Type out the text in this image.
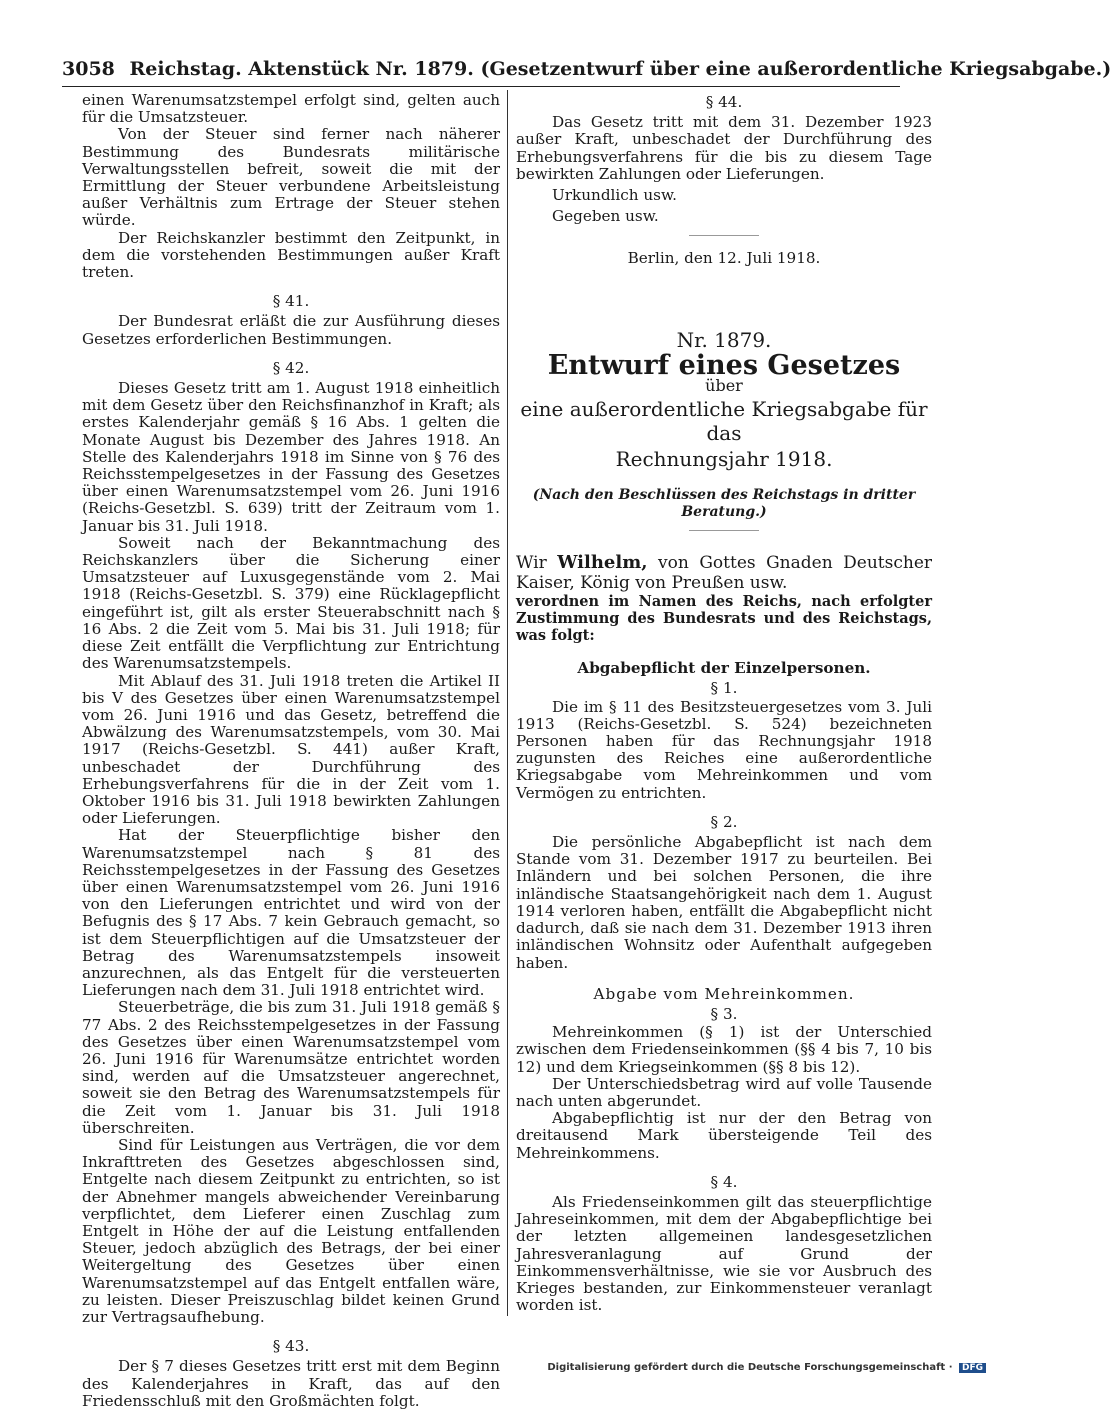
3058 Reichstag. Aktenstück Nr. 1879. (Gesetzentwurf über eine außerordentliche Kriegsabgabe.)

einen Warenumsatzstempel erfolgt sind, gelten auch für die Umsatzsteuer.

Von der Steuer sind ferner nach näherer Bestimmung des Bundesrats militärische Verwaltungsstellen befreit, soweit die mit der Ermittlung der Steuer verbundene Arbeitsleistung außer Verhältnis zum Ertrage der Steuer stehen würde.

Der Reichskanzler bestimmt den Zeitpunkt, in dem die vorstehenden Bestimmungen außer Kraft treten.

§ 41.

Der Bundesrat erläßt die zur Ausführung dieses Gesetzes erforderlichen Bestimmungen.

§ 42.

Dieses Gesetz tritt am 1. August 1918 einheitlich mit dem Gesetz über den Reichsfinanzhof in Kraft; als erstes Kalenderjahr gemäß § 16 Abs. 1 gelten die Monate August bis Dezember des Jahres 1918. An Stelle des Kalenderjahrs 1918 im Sinne von § 76 des Reichsstempelgesetzes in der Fassung des Gesetzes über einen Warenumsatzstempel vom 26. Juni 1916 (Reichs-Gesetzbl. S. 639) tritt der Zeitraum vom 1. Januar bis 31. Juli 1918.

Soweit nach der Bekanntmachung des Reichskanzlers über die Sicherung einer Umsatzsteuer auf Luxusgegenstände vom 2. Mai 1918 (Reichs-Gesetzbl. S. 379) eine Rücklagepflicht eingeführt ist, gilt als erster Steuerabschnitt nach § 16 Abs. 2 die Zeit vom 5. Mai bis 31. Juli 1918; für diese Zeit entfällt die Verpflichtung zur Entrichtung des Warenumsatzstempels.

Mit Ablauf des 31. Juli 1918 treten die Artikel II bis V des Gesetzes über einen Warenumsatzstempel vom 26. Juni 1916 und das Gesetz, betreffend die Abwälzung des Warenumsatzstempels, vom 30. Mai 1917 (Reichs-Gesetzbl. S. 441) außer Kraft, unbeschadet der Durchführung des Erhebungsverfahrens für die in der Zeit vom 1. Oktober 1916 bis 31. Juli 1918 bewirkten Zahlungen oder Lieferungen.

Hat der Steuerpflichtige bisher den Warenumsatzstempel nach § 81 des Reichsstempelgesetzes in der Fassung des Gesetzes über einen Warenumsatzstempel vom 26. Juni 1916 von den Lieferungen entrichtet und wird von der Befugnis des § 17 Abs. 7 kein Gebrauch gemacht, so ist dem Steuerpflichtigen auf die Umsatzsteuer der Betrag des Warenumsatzstempels insoweit anzurechnen, als das Entgelt für die versteuerten Lieferungen nach dem 31. Juli 1918 entrichtet wird.

Steuerbeträge, die bis zum 31. Juli 1918 gemäß § 77 Abs. 2 des Reichsstempelgesetzes in der Fassung des Gesetzes über einen Warenumsatzstempel vom 26. Juni 1916 für Warenumsätze entrichtet worden sind, werden auf die Umsatzsteuer angerechnet, soweit sie den Betrag des Warenumsatzstempels für die Zeit vom 1. Januar bis 31. Juli 1918 überschreiten.

Sind für Leistungen aus Verträgen, die vor dem Inkrafttreten des Gesetzes abgeschlossen sind, Entgelte nach diesem Zeitpunkt zu entrichten, so ist der Abnehmer mangels abweichender Vereinbarung verpflichtet, dem Lieferer einen Zuschlag zum Entgelt in Höhe der auf die Leistung entfallenden Steuer, jedoch abzüglich des Betrags, der bei einer Weitergeltung des Gesetzes über einen Warenumsatzstempel auf das Entgelt entfallen wäre, zu leisten. Dieser Preiszuschlag bildet keinen Grund zur Vertragsaufhebung.

§ 43.

Der § 7 dieses Gesetzes tritt erst mit dem Beginn des Kalenderjahres in Kraft, das auf den Friedensschluß mit den Großmächten folgt.

§ 44.

Das Gesetz tritt mit dem 31. Dezember 1923 außer Kraft, unbeschadet der Durchführung des Erhebungsverfahrens für die bis zu diesem Tage bewirkten Zahlungen oder Lieferungen.

Urkundlich usw.

Gegeben usw.

Berlin, den 12. Juli 1918.

Nr. 1879.
Entwurf eines Gesetzes
über
eine außerordentliche Kriegsabgabe für das
Rechnungsjahr 1918.
(Nach den Beschlüssen des Reichstags in dritter Beratung.)

Wir Wilhelm, von Gottes Gnaden Deutscher Kaiser, König von Preußen usw.

verordnen im Namen des Reichs, nach erfolgter Zustimmung des Bundesrats und des Reichstags, was folgt:

Abgabepflicht der Einzelpersonen.
§ 1.

Die im § 11 des Besitzsteuergesetzes vom 3. Juli 1913 (Reichs-Gesetzbl. S. 524) bezeichneten Personen haben für das Rechnungsjahr 1918 zugunsten des Reiches eine außerordentliche Kriegsabgabe vom Mehreinkommen und vom Vermögen zu entrichten.

§ 2.

Die persönliche Abgabepflicht ist nach dem Stande vom 31. Dezember 1917 zu beurteilen. Bei Inländern und bei solchen Personen, die ihre inländische Staatsangehörigkeit nach dem 1. August 1914 verloren haben, entfällt die Abgabepflicht nicht dadurch, daß sie nach dem 31. Dezember 1913 ihren inländischen Wohnsitz oder Aufenthalt aufgegeben haben.

Abgabe vom Mehreinkommen.
§ 3.

Mehreinkommen (§ 1) ist der Unterschied zwischen dem Friedenseinkommen (§§ 4 bis 7, 10 bis 12) und dem Kriegseinkommen (§§ 8 bis 12).

Der Unterschiedsbetrag wird auf volle Tausende nach unten abgerundet.

Abgabepflichtig ist nur der den Betrag von dreitausend Mark übersteigende Teil des Mehreinkommens.

§ 4.

Als Friedenseinkommen gilt das steuerpflichtige Jahreseinkommen, mit dem der Abgabepflichtige bei der letzten allgemeinen landesgesetzlichen Jahresveranlagung auf Grund der Einkommensverhältnisse, wie sie vor Ausbruch des Krieges bestanden, zur Einkommensteuer veranlagt worden ist.

Digitalisierung gefördert durch die Deutsche Forschungsgemeinschaft · DFG
